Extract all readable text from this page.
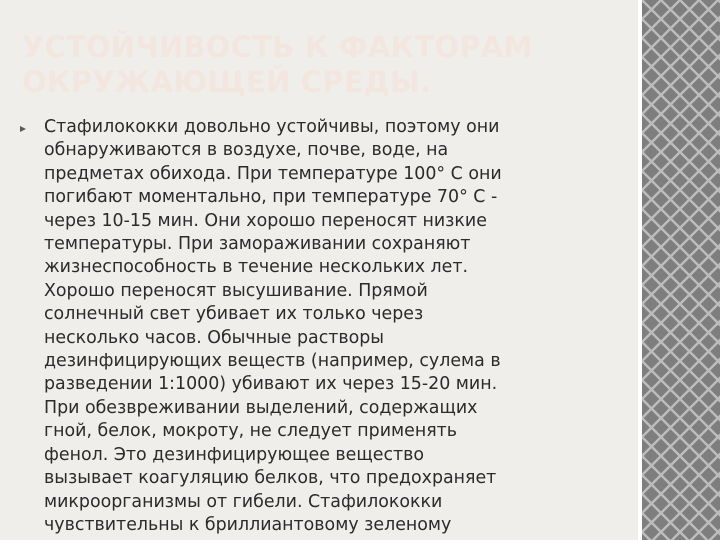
УСТОЙЧИВОСТЬ К ФАКТОРАМ ОКРУЖАЮЩЕЙ СРЕДЫ.

Стафилококки довольно устойчивы, поэтому они
обнаруживаются в воздухе, почве, воде, на
предметах обихода. При температуре 100° С они
погибают моментально, при температуре 70° С -
через 10-15 мин. Они хорошо переносят низкие
температуры. При замораживании сохраняют
жизнеспособность в течение нескольких лет.
Хорошо переносят высушивание. Прямой
солнечный свет убивает их только через
несколько часов. Обычные растворы
дезинфицирующих веществ (например, сулема в
разведении 1:1000) убивают их через 15-20 мин.
При обезвреживании выделений, содержащих
гной, белок, мокроту, не следует применять
фенол. Это дезинфицирующее вещество
вызывает коагуляцию белков, что предохраняет
микроорганизмы от гибели. Стафилококки
чувствительны к бриллиантовому зеленому
